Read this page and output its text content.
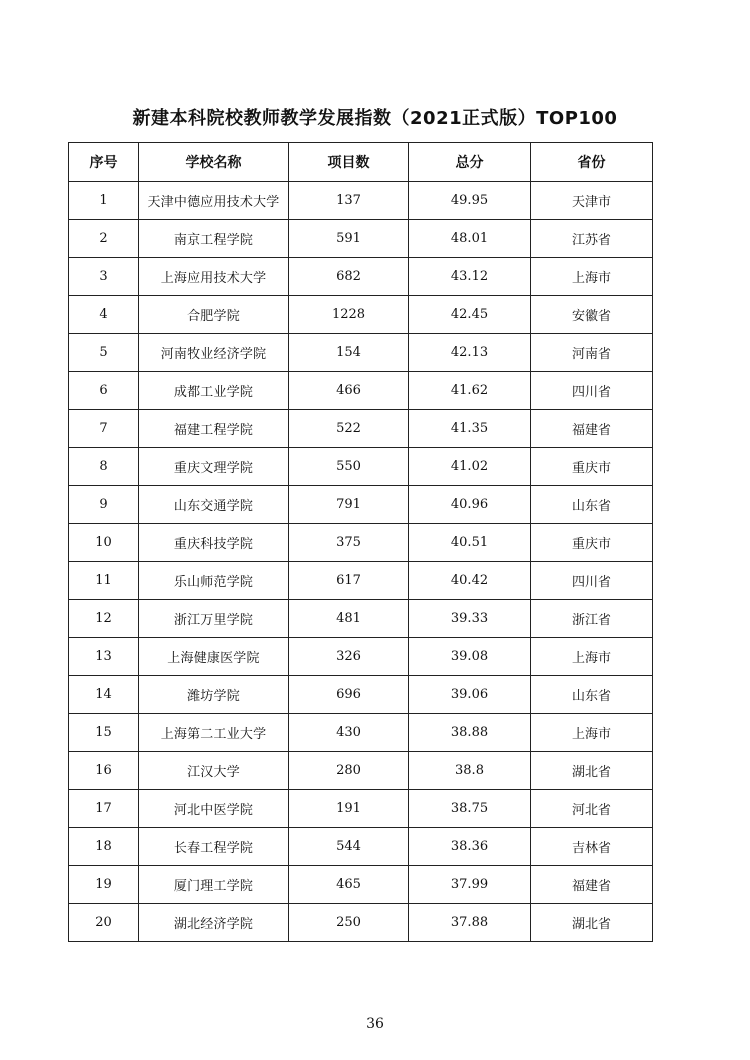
新建本科院校教师教学发展指数（2021正式版）TOP100
序号	学校名称	项目数	总分	省份
1	天津中德应用技术大学	137	49.95	天津市
2	南京工程学院	591	48.01	江苏省
3	上海应用技术大学	682	43.12	上海市
4	合肥学院	1228	42.45	安徽省
5	河南牧业经济学院	154	42.13	河南省
6	成都工业学院	466	41.62	四川省
7	福建工程学院	522	41.35	福建省
8	重庆文理学院	550	41.02	重庆市
9	山东交通学院	791	40.96	山东省
10	重庆科技学院	375	40.51	重庆市
11	乐山师范学院	617	40.42	四川省
12	浙江万里学院	481	39.33	浙江省
13	上海健康医学院	326	39.08	上海市
14	潍坊学院	696	39.06	山东省
15	上海第二工业大学	430	38.88	上海市
16	江汉大学	280	38.8	湖北省
17	河北中医学院	191	38.75	河北省
18	长春工程学院	544	38.36	吉林省
19	厦门理工学院	465	37.99	福建省
20	湖北经济学院	250	37.88	湖北省
36
